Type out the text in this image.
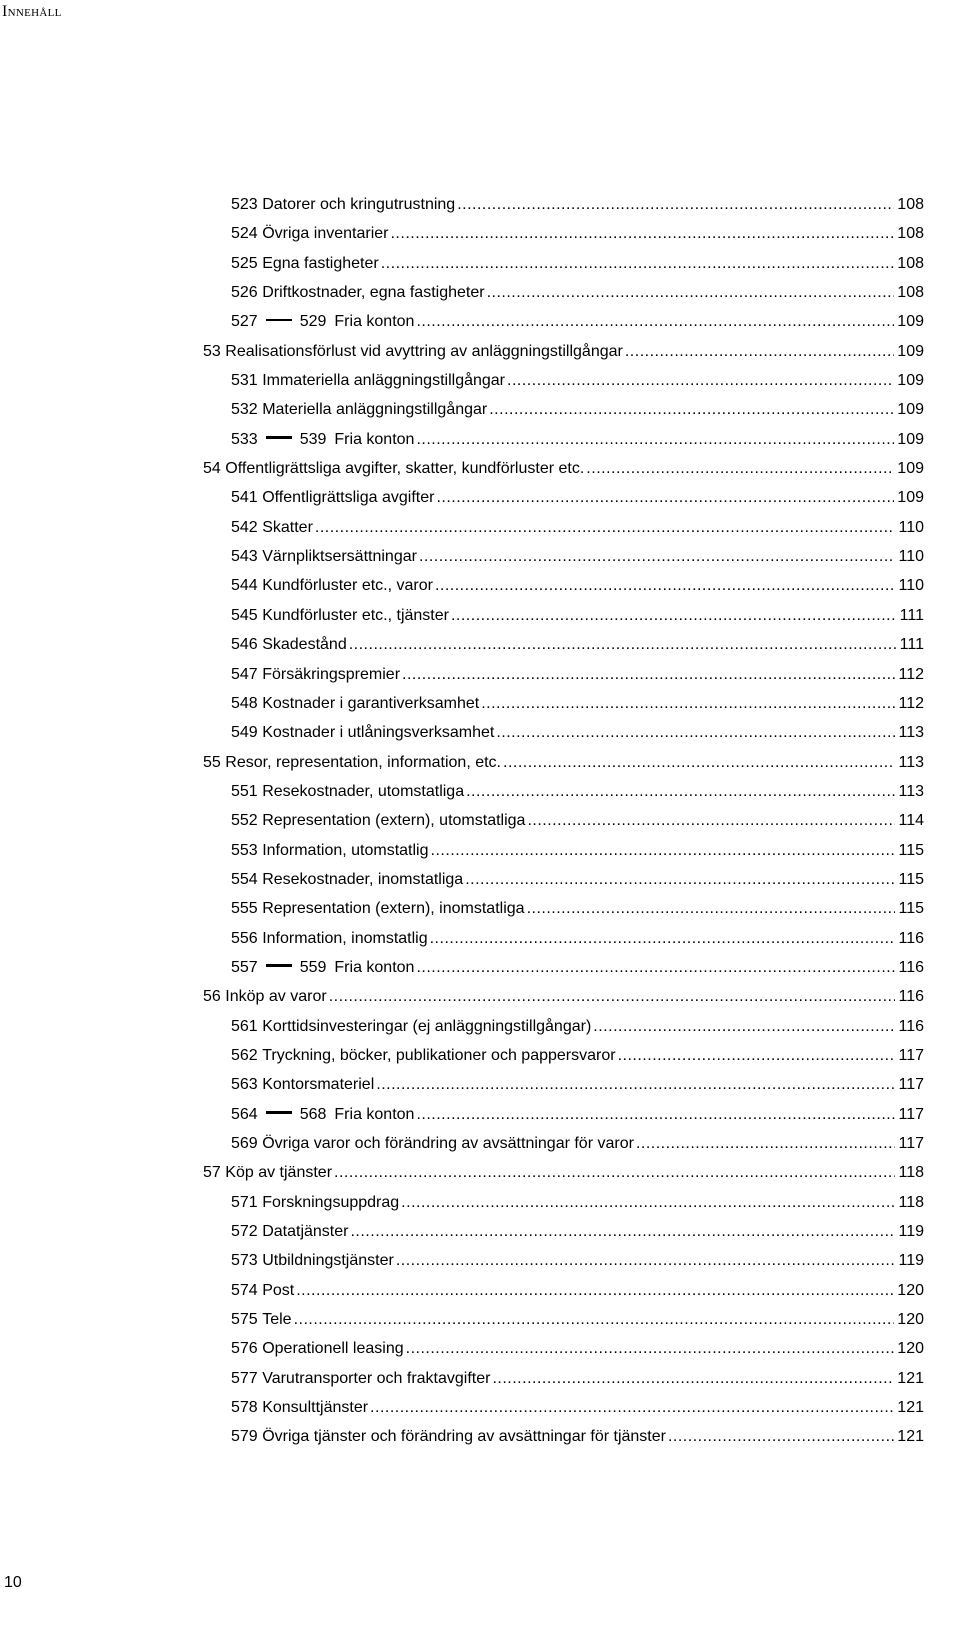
Innehåll
523 Datorer och kringutrustning .....	108
524 Övriga inventarier .....	108
525 Egna fastigheter .....	108
526 Driftkostnader, egna fastigheter .....	108
527	529 Fria konton .....	109
53 Realisationsförlust vid avyttring av anläggningstillgångar .....	109
531 Immateriella anläggningstillgångar .....	109
532 Materiella anläggningstillgångar .....	109
533	539 Fria konton .....	109
54 Offentligrättsliga avgifter, skatter, kundförluster etc. .....	109
541 Offentligrättsliga avgifter .....	109
542 Skatter .....	110
543 Värnpliktsersättningar .....	110
544 Kundförluster etc., varor .....	110
545 Kundförluster etc., tjänster .....	111
546 Skadestånd .....	111
547 Försäkringspremier .....	112
548 Kostnader i garantiverksamhet .....	112
549 Kostnader i utlåningsverksamhet .....	113
55 Resor, representation, information, etc. .....	113
551 Resekostnader, utomstatliga .....	113
552 Representation (extern), utomstatliga .....	114
553 Information, utomstatlig .....	115
554 Resekostnader, inomstatliga .....	115
555 Representation (extern), inomstatliga .....	115
556 Information, inomstatlig .....	116
557	559 Fria konton .....	116
56 Inköp av varor .....	116
561 Korttidsinvesteringar (ej anläggningstillgångar) .....	116
562 Tryckning, böcker, publikationer och pappersvaror .....	117
563 Kontorsmateriel .....	117
564	568 Fria konton .....	117
569 Övriga varor och förändring av avsättningar för varor .....	117
57 Köp av tjänster .....	118
571 Forskningsuppdrag .....	118
572 Datatjänster .....	119
573 Utbildningstjänster .....	119
574 Post .....	120
575 Tele .....	120
576 Operationell leasing .....	120
577 Varutransporter och fraktavgifter .....	121
578 Konsulttjänster .....	121
579 Övriga tjänster och förändring av avsättningar för tjänster .....	121
10
